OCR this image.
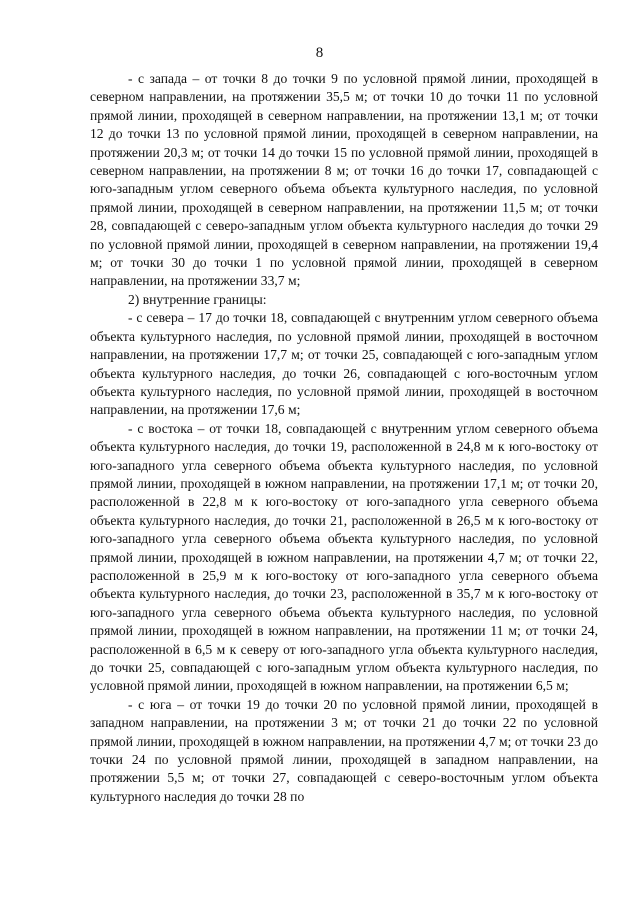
8

- с запада – от точки 8 до точки 9 по условной прямой линии, проходящей в северном направлении, на протяжении 35,5 м; от точки 10 до точки 11 по условной прямой линии, проходящей в северном направлении, на протяжении 13,1 м; от точки 12 до точки 13 по условной прямой линии, проходящей в северном направлении, на протяжении 20,3 м; от точки 14 до точки 15 по условной прямой линии, проходящей в северном направлении, на протяжении 8 м; от точки 16 до точки 17, совпадающей с юго-западным углом северного объема объекта культурного наследия, по условной прямой линии, проходящей в северном направлении, на протяжении 11,5 м; от точки 28, совпадающей с северо-западным углом объекта культурного наследия до точки 29 по условной прямой линии, проходящей в северном направлении, на протяжении 19,4 м; от точки 30 до точки 1 по условной прямой линии, проходящей в северном направлении, на протяжении 33,7 м;

2) внутренние границы:

- с севера – 17 до точки 18, совпадающей с внутренним углом северного объема объекта культурного наследия, по условной прямой линии, проходящей в восточном направлении, на протяжении 17,7 м; от точки 25, совпадающей с юго-западным углом объекта культурного наследия, до точки 26, совпадающей с юго-восточным углом объекта культурного наследия, по условной прямой линии, проходящей в восточном направлении, на протяжении 17,6 м;

- с востока – от точки 18, совпадающей с внутренним углом северного объема объекта культурного наследия, до точки 19, расположенной в 24,8 м к юго-востоку от юго-западного угла северного объема объекта культурного наследия, по условной прямой линии, проходящей в южном направлении, на протяжении 17,1 м; от точки 20, расположенной в 22,8 м к юго-востоку от юго-западного угла северного объема объекта культурного наследия, до точки 21, расположенной в 26,5 м к юго-востоку от юго-западного угла северного объема объекта культурного наследия, по условной прямой линии, проходящей в южном направлении, на протяжении 4,7 м; от точки 22, расположенной в 25,9 м к юго-востоку от юго-западного угла северного объема объекта культурного наследия, до точки 23, расположенной в 35,7 м к юго-востоку от юго-западного угла северного объема объекта культурного наследия, по условной прямой линии, проходящей в южном направлении, на протяжении 11 м; от точки 24, расположенной в 6,5 м к северу от юго-западного угла объекта культурного наследия, до точки 25, совпадающей с юго-западным углом объекта культурного наследия, по условной прямой линии, проходящей в южном направлении, на протяжении 6,5 м;

- с юга – от точки 19 до точки 20 по условной прямой линии, проходящей в западном направлении, на протяжении 3 м; от точки 21 до точки 22 по условной прямой линии, проходящей в южном направлении, на протяжении 4,7 м; от точки 23 до точки 24 по условной прямой линии, проходящей в западном направлении, на протяжении 5,5 м; от точки 27, совпадающей с северо-восточным углом объекта культурного наследия до точки 28 по
